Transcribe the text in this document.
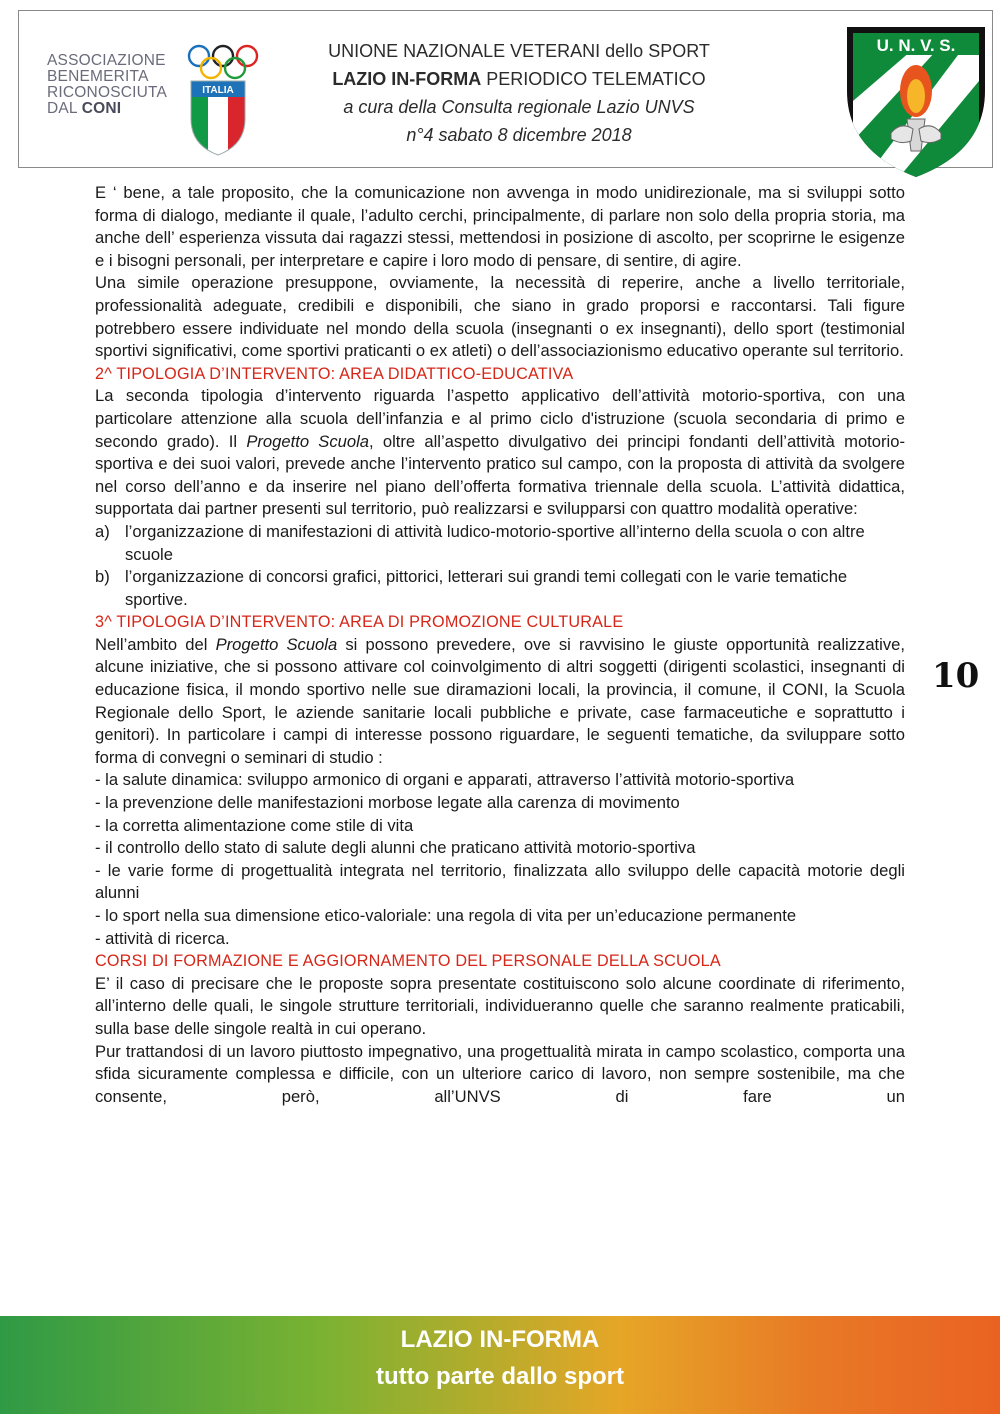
ASSOCIAZIONE
BENEMERITA
RICONOSCIUTA
DAL CONI
ITALIA
UNIONE NAZIONALE VETERANI dello SPORT
LAZIO IN-FORMA PERIODICO TELEMATICO
a cura della Consulta regionale Lazio UNVS
n°4 sabato 8 dicembre 2018
U. N. V. S.

E ‘ bene, a tale proposito, che la comunicazione non avvenga in modo unidirezionale, ma si sviluppi sotto forma di dialogo, mediante il quale, l’adulto cerchi, principalmente, di parlare non solo della propria storia, ma anche dell’ esperienza vissuta dai ragazzi stessi, mettendosi in posizione di ascolto, per scoprirne le esigenze e i bisogni personali, per interpretare e capire i loro modo di pensare, di sentire, di agire.

Una simile operazione presuppone, ovviamente, la necessità di reperire, anche a livello territoriale, professionalità adeguate, credibili e disponibili, che siano in grado proporsi e raccontarsi. Tali figure potrebbero essere individuate nel mondo della scuola (insegnanti o ex insegnanti), dello sport (testimonial sportivi significativi, come sportivi praticanti o ex atleti) o dell’associazionismo educativo operante sul territorio.

2^ TIPOLOGIA D’INTERVENTO: AREA DIDATTICO-EDUCATIVA

La seconda tipologia d’intervento riguarda l’aspetto applicativo dell’attività motorio-sportiva, con una particolare attenzione alla scuola dell’infanzia e al primo ciclo d'istruzione (scuola secondaria di primo e secondo grado). Il Progetto Scuola, oltre all’aspetto divulgativo dei principi fondanti dell’attività motorio-sportiva e dei suoi valori, prevede anche l’intervento pratico sul campo, con la proposta di attività da svolgere nel corso dell’anno e da inserire nel piano dell’offerta formativa triennale della scuola. L’attività didattica, supportata dai partner presenti sul territorio, può realizzarsi e svilupparsi con quattro modalità operative:

a) l’organizzazione di manifestazioni di attività ludico-motorio-sportive all’interno della scuola o con altre scuole
b) l’organizzazione di concorsi grafici, pittorici, letterari sui grandi temi collegati con le varie tematiche sportive.

3^ TIPOLOGIA D’INTERVENTO: AREA DI PROMOZIONE CULTURALE

Nell’ambito del Progetto Scuola si possono prevedere, ove si ravvisino le giuste opportunità realizzative, alcune iniziative, che si possono attivare col coinvolgimento di altri soggetti (dirigenti scolastici, insegnanti di educazione fisica, il mondo sportivo nelle sue diramazioni locali, la provincia, il comune, il CONI, la Scuola Regionale dello Sport, le aziende sanitarie locali pubbliche e private, case farmaceutiche e soprattutto i genitori). In particolare i campi di interesse possono riguardare, le seguenti tematiche, da sviluppare sotto forma di convegni o seminari di studio :

- la salute dinamica: sviluppo armonico di organi e apparati, attraverso l’attività motorio-sportiva

- la prevenzione delle manifestazioni morbose legate alla carenza di movimento

- la corretta alimentazione come stile di vita

- il controllo dello stato di salute degli alunni che praticano attività motorio-sportiva

- le varie forme di progettualità integrata nel territorio, finalizzata allo sviluppo delle capacità motorie degli alunni

- lo sport nella sua dimensione etico-valoriale: una regola di vita per un’educazione permanente

- attività di ricerca.

CORSI DI FORMAZIONE E AGGIORNAMENTO DEL PERSONALE DELLA SCUOLA

E’ il caso di precisare che le proposte sopra presentate costituiscono solo alcune coordinate di riferimento, all’interno delle quali, le singole strutture territoriali, individueranno quelle che saranno realmente praticabili, sulla base delle singole realtà in cui operano.

Pur trattandosi di un lavoro piuttosto impegnativo, una progettualità mirata in campo scolastico, comporta una sfida sicuramente complessa e difficile, con un ulteriore carico di lavoro, non sempre sostenibile, ma che consente, però, all’UNVS di fare un

10
LAZIO IN-FORMA
tutto parte dallo sport
